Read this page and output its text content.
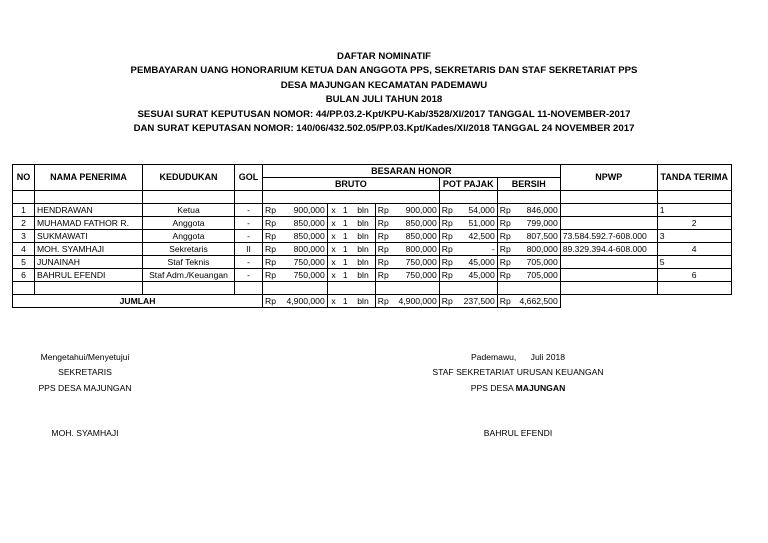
DAFTAR NOMINATIF
PEMBAYARAN UANG HONORARIUM KETUA DAN ANGGOTA PPS, SEKRETARIS DAN STAF SEKRETARIAT PPS
DESA MAJUNGAN KECAMATAN PADEMAWU
BULAN JULI TAHUN 2018
SESUAI SURAT KEPUTUSAN NOMOR: 44/PP.03.2-Kpt/KPU-Kab/3528/XI/2017 TANGGAL 11-NOVEMBER-2017
DAN SURAT KEPUTASAN NOMOR: 140/06/432.502.05/PP.03.Kpt/Kades/XI/2018 TANGGAL 24 NOVEMBER 2017
NO	NAMA PENERIMA	KEDUDUKAN	GOL	BESARAN HONOR											NPWP	TANDA TERIMA
				BRUTO							POT PAJAK		BERSIH			

1	HENDRAWAN	Ketua	-	Rp	900,000	x	1	bln	Rp	900,000	Rp	54,000	Rp	846,000		1

2	MUHAMAD FATHOR R.	Anggota	-	Rp	850,000	x	1	bln	Rp	850,000	Rp	51,000	Rp	799,000		2

3	SUKMAWATI	Anggota	-	Rp	850,000	x	1	bln	Rp	850,000	Rp	42,500	Rp	807,500	73.584.592.7-608.000	3

4	MOH. SYAMHAJI	Sekretaris	II	Rp	800,000	x	1	bln	Rp	800,000	Rp	-	Rp	800,000	89.329.394.4-608.000	4

5	JUNAINAH	Staf Teknis	-	Rp	750,000	x	1	bln	Rp	750,000	Rp	45,000	Rp	705,000		5

6	BAHRUL EFENDI	Staf Adm./Keuangan	-	Rp	750,000	x	1	bln	Rp	750,000	Rp	45,000	Rp	705,000		6

JUMLAH				Rp	4,900,000	x	1	bln	Rp	4,900,000	Rp	237,500	Rp	4,662,500		
Mengetahui/Menyetujui
SEKRETARIS
PPS DESA MAJUNGAN
MOH. SYAMHAJI
Pademawu,      Juli 2018
STAF SEKRETARIAT URUSAN KEUANGAN
PPS DESA MAJUNGAN
BAHRUL EFENDI
